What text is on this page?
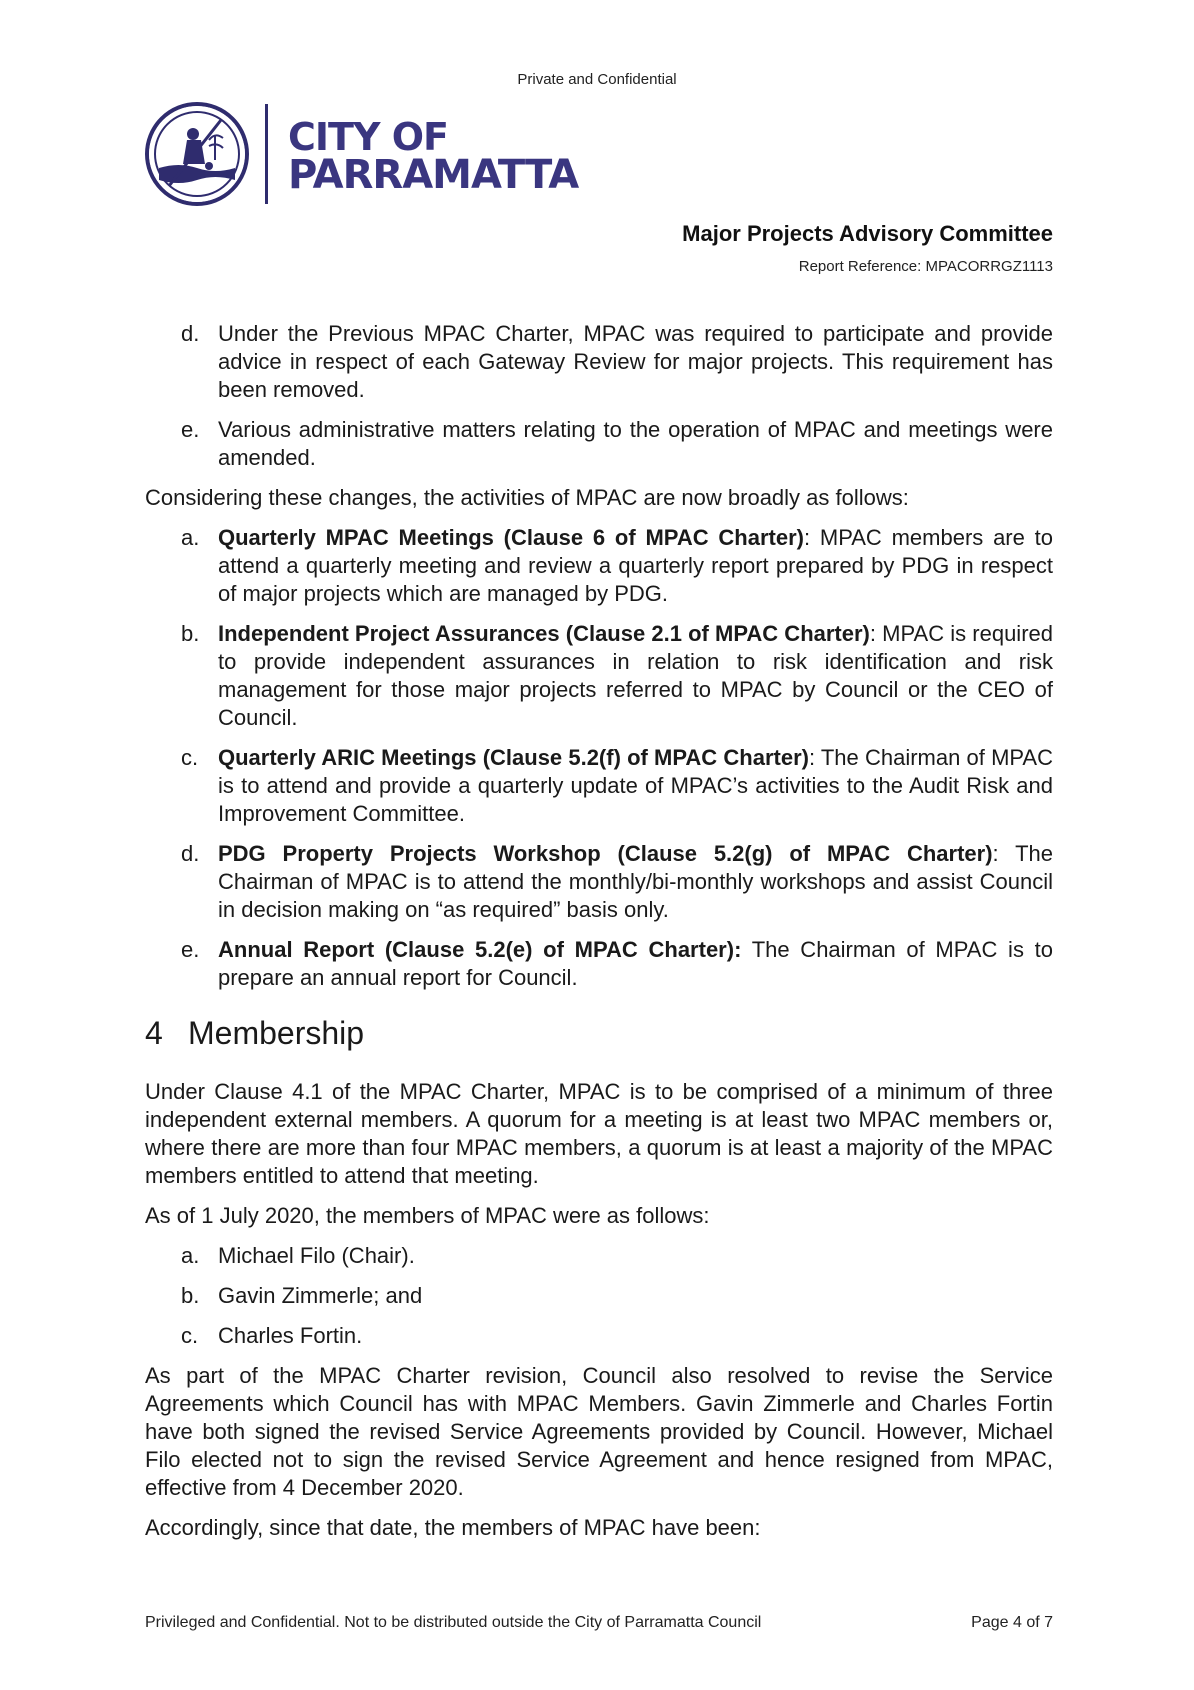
Private and Confidential
CITY OF
PARRAMATTA
Major Projects Advisory Committee
Report Reference: MPACORRGZ1113
d. Under the Previous MPAC Charter, MPAC was required to participate and provide advice in respect of each Gateway Review for major projects. This requirement has been removed.
e. Various administrative matters relating to the operation of MPAC and meetings were amended.

Considering these changes, the activities of MPAC are now broadly as follows:

a. Quarterly MPAC Meetings (Clause 6 of MPAC Charter): MPAC members are to attend a quarterly meeting and review a quarterly report prepared by PDG in respect of major projects which are managed by PDG.
b. Independent Project Assurances (Clause 2.1 of MPAC Charter): MPAC is required to provide independent assurances in relation to risk identification and risk management for those major projects referred to MPAC by Council or the CEO of Council.
c. Quarterly ARIC Meetings (Clause 5.2(f) of MPAC Charter): The Chairman of MPAC is to attend and provide a quarterly update of MPAC’s activities to the Audit Risk and Improvement Committee.
d. PDG Property Projects Workshop (Clause 5.2(g) of MPAC Charter): The Chairman of MPAC is to attend the monthly/bi-monthly workshops and assist Council in decision making on “as required” basis only.
e. Annual Report (Clause 5.2(e) of MPAC Charter): The Chairman of MPAC is to prepare an annual report for Council.
4 Membership

Under Clause 4.1 of the MPAC Charter, MPAC is to be comprised of a minimum of three independent external members. A quorum for a meeting is at least two MPAC members or, where there are more than four MPAC members, a quorum is at least a majority of the MPAC members entitled to attend that meeting.

As of 1 July 2020, the members of MPAC were as follows:

a. Michael Filo (Chair).
b. Gavin Zimmerle; and
c. Charles Fortin.

As part of the MPAC Charter revision, Council also resolved to revise the Service Agreements which Council has with MPAC Members. Gavin Zimmerle and Charles Fortin have both signed the revised Service Agreements provided by Council. However, Michael Filo elected not to sign the revised Service Agreement and hence resigned from MPAC, effective from 4 December 2020.

Accordingly, since that date, the members of MPAC have been:

Privileged and Confidential. Not to be distributed outside the City of Parramatta Council	Page 4 of 7
